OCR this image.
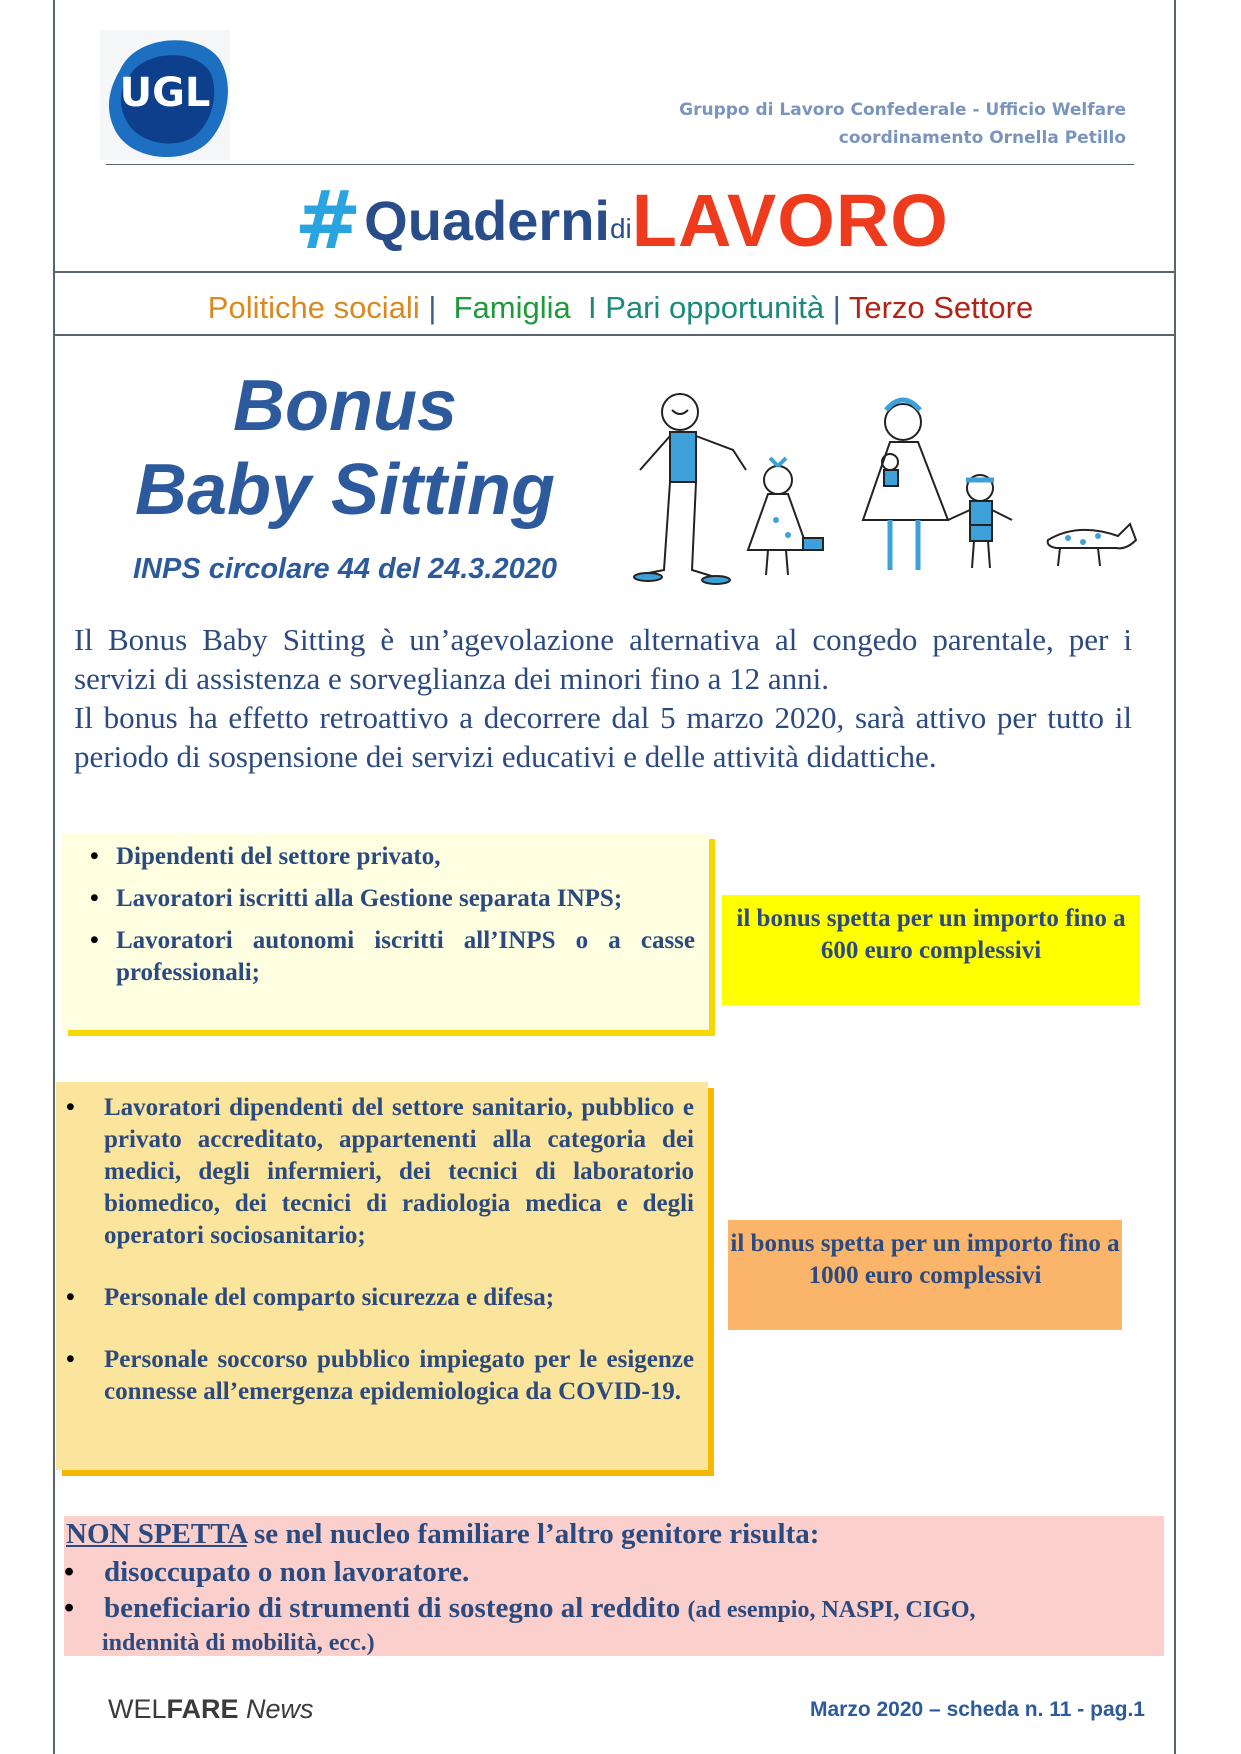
UGL	Gruppo di Lavoro Confederale - Ufficio Welfare
coordinamento Ornella Petillo
# QuadernidiLAVORO
Politiche sociali |  Famiglia I Pari opportunità | Terzo Settore
Bonus
Baby Sitting
INPS circolare 44 del 24.3.2020

Il Bonus Baby Sitting è un’agevolazione alternativa al congedo parentale, per i servizi di assistenza e sorveglianza dei minori fino a 12 anni.

Il bonus ha effetto retroattivo a decorrere dal 5 marzo 2020, sarà attivo per tutto il periodo di sospensione dei servizi educativi e delle attività didattiche.

• Dipendenti del settore privato,
• Lavoratori iscritti alla Gestione separata INPS;
• Lavoratori autonomi iscritti all’INPS o a casse professionali;
il bonus spetta per un importo fino a 600 euro complessivi
• Lavoratori dipendenti del settore sanitario, pubblico e privato accreditato, appartenenti alla categoria dei medici, degli infermieri, dei tecnici di laboratorio biomedico, dei tecnici di radiologia medica e degli operatori sociosanitario;
• Personale del comparto sicurezza e difesa;
• Personale soccorso pubblico impiegato per le esigenze connesse all’emergenza epidemiologica da COVID-19.
il bonus spetta per un importo fino a 1000 euro complessivi
NON SPETTA se nel nucleo familiare l’altro genitore risulta:
• disoccupato o non lavoratore.
• beneficiario di strumenti di sostegno al reddito (ad esempio, NASPI, CIGO,
indennità di mobilità, ecc.)
WELFARE News	Marzo 2020 – scheda n. 11 - pag.1
